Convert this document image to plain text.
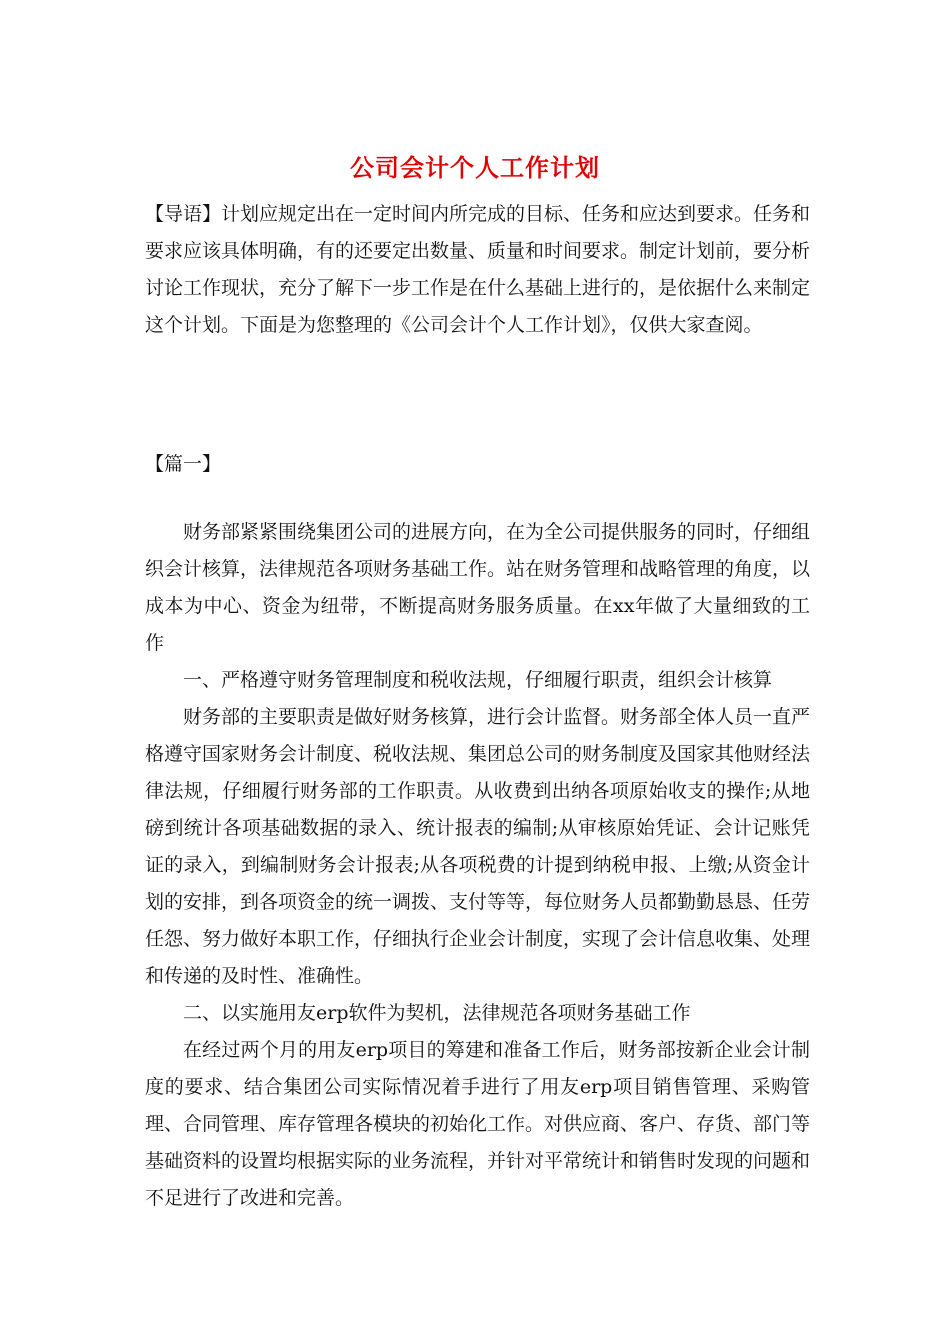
公司会计个人工作计划
【导语】计划应规定出在一定时间内所完成的目标、任务和应达到要求。任务和要求应该具体明确，有的还要定出数量、质量和时间要求。制定计划前，要分析讨论工作现状，充分了解下一步工作是在什么基础上进行的，是依据什么来制定这个计划。下面是为您整理的《公司会计个人工作计划》，仅供大家查阅。
【篇一】

财务部紧紧围绕集团公司的进展方向，在为全公司提供服务的同时，仔细组织会计核算，法律规范各项财务基础工作。站在财务管理和战略管理的角度，以成本为中心、资金为纽带，不断提高财务服务质量。在xx年做了大量细致的工作

一、严格遵守财务管理制度和税收法规，仔细履行职责，组织会计核算

财务部的主要职责是做好财务核算，进行会计监督。财务部全体人员一直严格遵守国家财务会计制度、税收法规、集团总公司的财务制度及国家其他财经法律法规，仔细履行财务部的工作职责。从收费到出纳各项原始收支的操作;从地磅到统计各项基础数据的录入、统计报表的编制;从审核原始凭证、会计记账凭证的录入，到编制财务会计报表;从各项税费的计提到纳税申报、上缴;从资金计划的安排，到各项资金的统一调拨、支付等等，每位财务人员都勤勤恳恳、任劳任怨、努力做好本职工作，仔细执行企业会计制度，实现了会计信息收集、处理和传递的及时性、准确性。

二、以实施用友erp软件为契机，法律规范各项财务基础工作

在经过两个月的用友erp项目的筹建和准备工作后，财务部按新企业会计制度的要求、结合集团公司实际情况着手进行了用友erp项目销售管理、采购管理、合同管理、库存管理各模块的初始化工作。对供应商、客户、存货、部门等基础资料的设置均根据实际的业务流程，并针对平常统计和销售时发现的问题和不足进行了改进和完善。
